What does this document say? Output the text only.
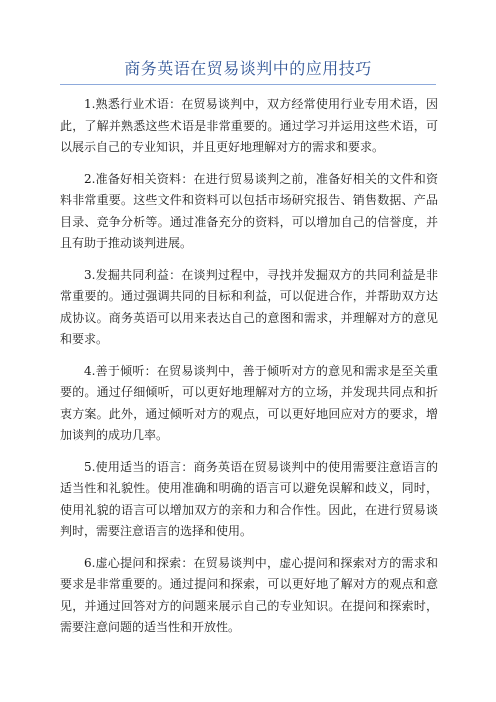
商务英语在贸易谈判中的应用技巧

1.熟悉行业术语：在贸易谈判中，双方经常使用行业专用术语，因此，了解并熟悉这些术语是非常重要的。通过学习并运用这些术语，可以展示自己的专业知识，并且更好地理解对方的需求和要求。

2.准备好相关资料：在进行贸易谈判之前，准备好相关的文件和资料非常重要。这些文件和资料可以包括市场研究报告、销售数据、产品目录、竞争分析等。通过准备充分的资料，可以增加自己的信誉度，并且有助于推动谈判进展。

3.发掘共同利益：在谈判过程中，寻找并发掘双方的共同利益是非常重要的。通过强调共同的目标和利益，可以促进合作，并帮助双方达成协议。商务英语可以用来表达自己的意图和需求，并理解对方的意见和要求。

4.善于倾听：在贸易谈判中，善于倾听对方的意见和需求是至关重要的。通过仔细倾听，可以更好地理解对方的立场，并发现共同点和折衷方案。此外，通过倾听对方的观点，可以更好地回应对方的要求，增加谈判的成功几率。

5.使用适当的语言：商务英语在贸易谈判中的使用需要注意语言的适当性和礼貌性。使用准确和明确的语言可以避免误解和歧义，同时，使用礼貌的语言可以增加双方的亲和力和合作性。因此，在进行贸易谈判时，需要注意语言的选择和使用。

6.虚心提问和探索：在贸易谈判中，虚心提问和探索对方的需求和要求是非常重要的。通过提问和探索，可以更好地了解对方的观点和意见，并通过回答对方的问题来展示自己的专业知识。在提问和探索时，需要注意问题的适当性和开放性。
